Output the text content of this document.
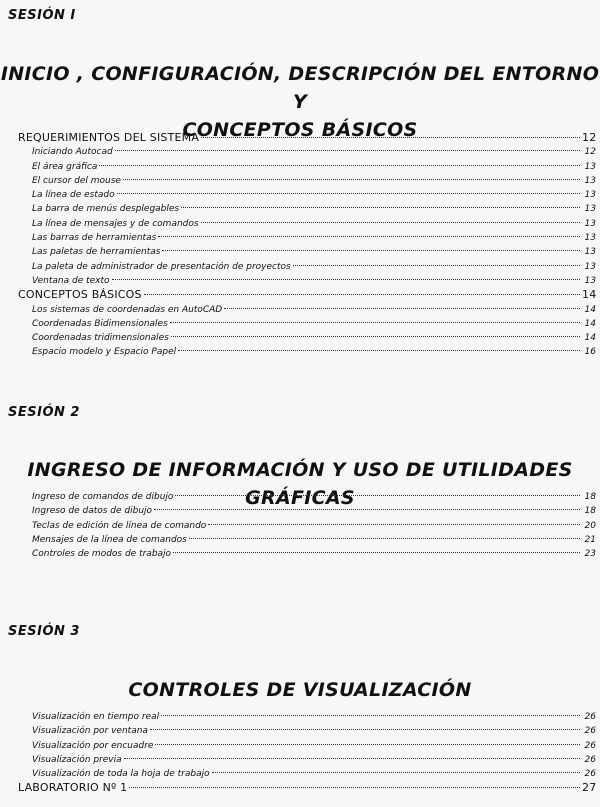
SESIÓN I
INICIO , CONFIGURACIÓN, DESCRIPCIÓN DEL ENTORNO Y
CONCEPTOS BÁSICOS
REQUERIMIENTOS DEL SISTEMA	12
Iniciando Autocad	12
El área gráfica	13
El cursor del mouse	13
La línea de estado	13
La barra de menús desplegables	13
La línea de mensajes y de comandos	13
Las barras de herramientas	13
Las paletas de herramientas	13
La paleta de administrador de presentación de proyectos	13
Ventana de texto	13
CONCEPTOS BÁSICOS	14
Los sistemas de coordenadas en AutoCAD	14
Coordenadas Bidimensionales	14
Coordenadas tridimensionales	14
Espacio modelo y Espacio Papel	16
SESIÓN 2
INGRESO DE INFORMACIÓN Y USO DE UTILIDADES GRÁFICAS
Ingreso de comandos de dibujo	18
Ingreso de datos de dibujo	18
Teclas de edición de línea de comando	20
Mensajes de la línea de comandos	21
Controles de modos de trabajo	23
SESIÓN 3
CONTROLES DE VISUALIZACIÓN
Visualización en tiempo real	26
Visualización por ventana	26
Visualización por encuadre	26
Visualización previa	26
Visualización de toda la hoja de trabajo	26
LABORATORIO Nº 1	27
